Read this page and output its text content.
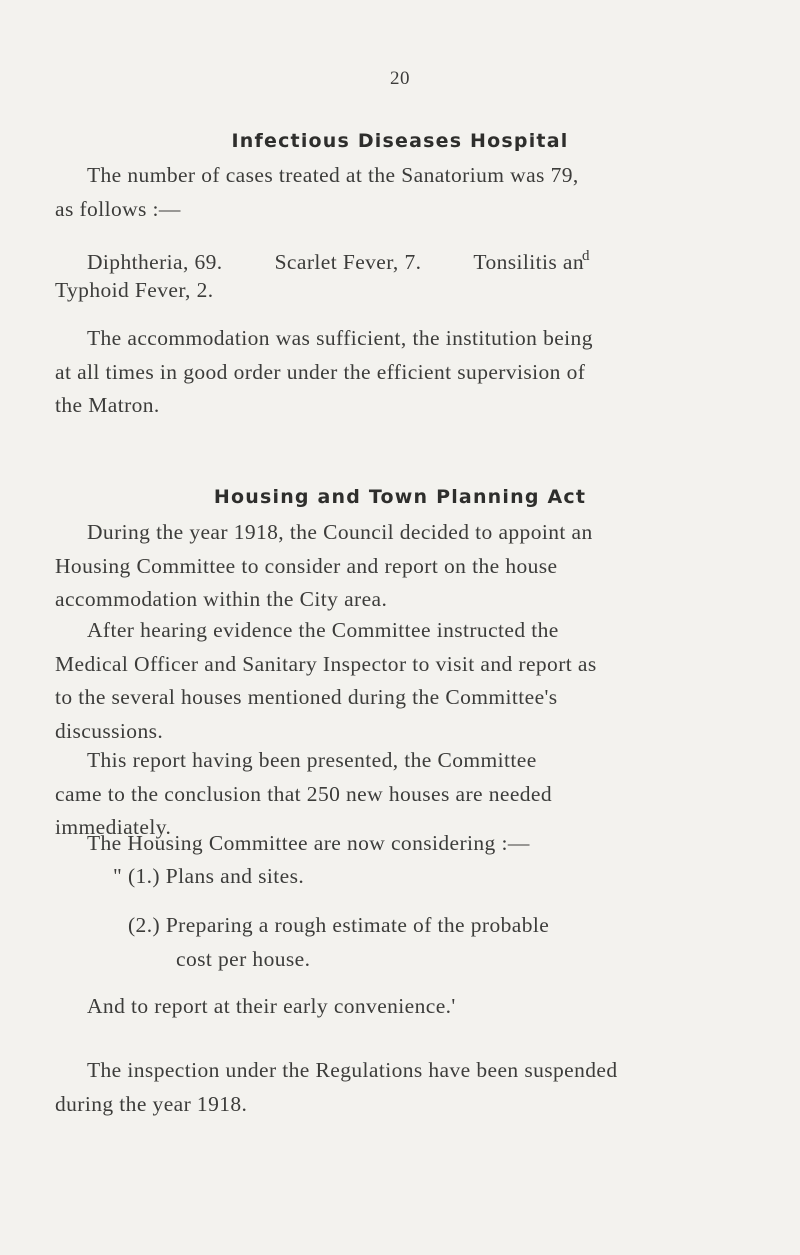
20
Infectious Diseases Hospital
The number of cases treated at the Sanatorium was 79,
as follows :—
Diphtheria, 69. Scarlet Fever, 7. Tonsilitis $an^d$
Typhoid Fever, 2.
The accommodation was sufficient, the institution being
at all times in good order under the efficient supervision of
the Matron.
Housing and Town Planning Act
During the year 1918, the Council decided to appoint an
Housing Committee to consider and report on the house
accommodation within the City area.
After hearing evidence the Committee instructed the
Medical Officer and Sanitary Inspector to visit and report as
to the several houses mentioned during the Committee's
discussions.
This report having been presented, the Committee
came to the conclusion that 250 new houses are needed
immediately.
The Housing Committee are now considering :—
" (1.) Plans and sites.
(2.) Preparing a rough estimate of the probable
cost per house.
And to report at their early convenience.'
The inspection under the Regulations have been suspended
during the year 1918.
